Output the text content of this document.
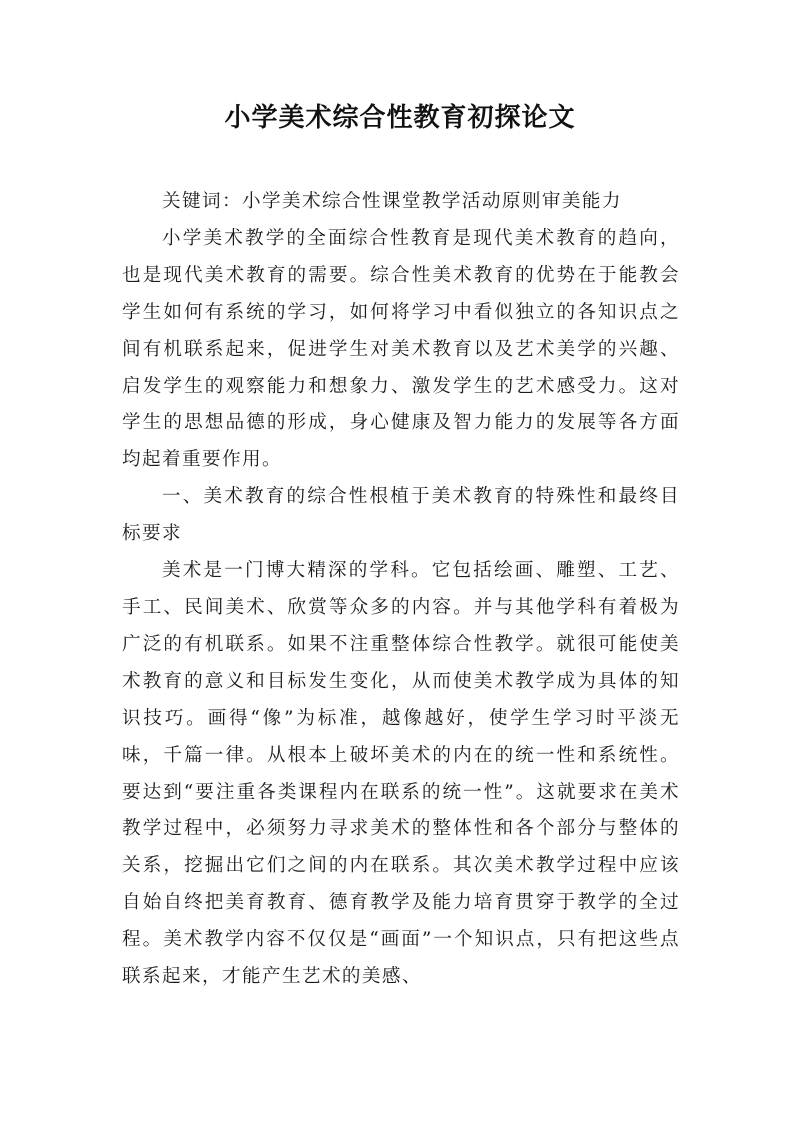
小学美术综合性教育初探论文

关键词：小学美术综合性课堂教学活动原则审美能力

小学美术教学的全面综合性教育是现代美术教育的趋向，也是现代美术教育的需要。综合性美术教育的优势在于能教会学生如何有系统的学习，如何将学习中看似独立的各知识点之间有机联系起来，促进学生对美术教育以及艺术美学的兴趣、启发学生的观察能力和想象力、激发学生的艺术感受力。这对学生的思想品德的形成，身心健康及智力能力的发展等各方面均起着重要作用。

一、美术教育的综合性根植于美术教育的特殊性和最终目标要求

美术是一门博大精深的学科。它包括绘画、雕塑、工艺、手工、民间美术、欣赏等众多的内容。并与其他学科有着极为广泛的有机联系。如果不注重整体综合性教学。就很可能使美术教育的意义和目标发生变化，从而使美术教学成为具体的知识技巧。画得“像”为标准，越像越好，使学生学习时平淡无味，千篇一律。从根本上破坏美术的内在的统一性和系统性。要达到“要注重各类课程内在联系的统一性”。这就要求在美术教学过程中，必须努力寻求美术的整体性和各个部分与整体的关系，挖掘出它们之间的内在联系。其次美术教学过程中应该自始自终把美育教育、德育教学及能力培育贯穿于教学的全过程。美术教学内容不仅仅是“画面”一个知识点，只有把这些点联系起来，才能产生艺术的美感、
